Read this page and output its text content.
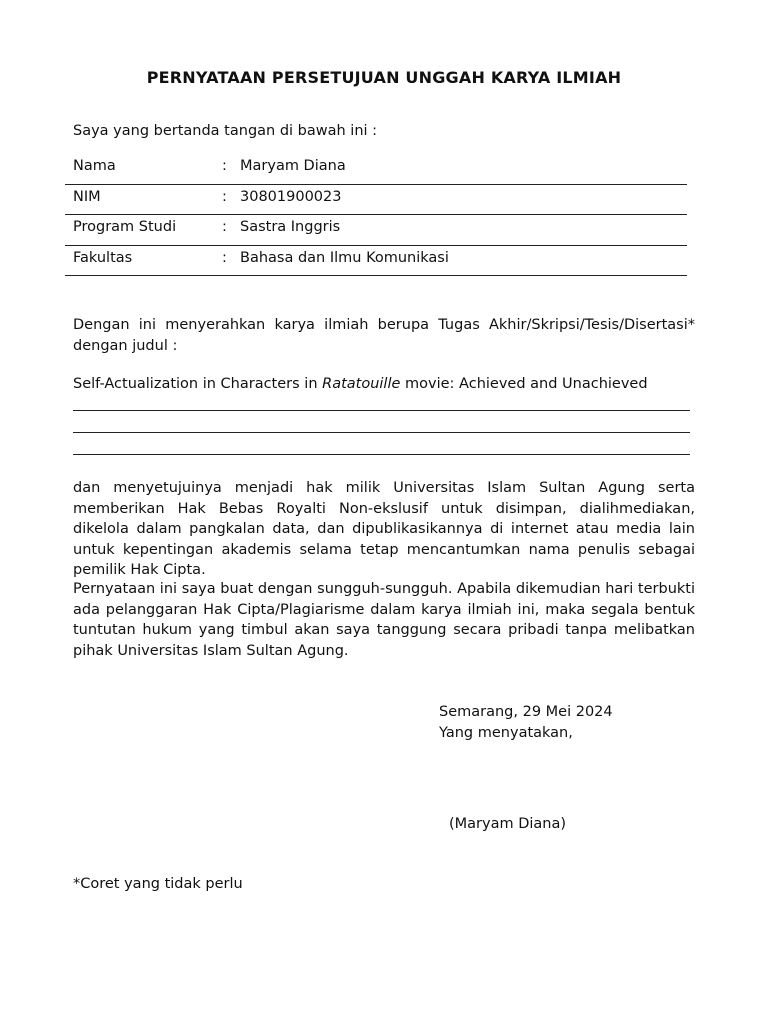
PERNYATAAN PERSETUJUAN UNGGAH KARYA ILMIAH
Saya yang bertanda tangan di bawah ini :
Nama	: Maryam Diana
NIM	: 30801900023
Program Studi	: Sastra Inggris
Fakultas	: Bahasa dan Ilmu Komunikasi
Dengan ini menyerahkan karya ilmiah berupa Tugas Akhir/Skripsi/Tesis/Disertasi* dengan judul :
Self-Actualization in Characters in Ratatouille movie: Achieved and Unachieved
dan menyetujuinya menjadi hak milik Universitas Islam Sultan Agung serta memberikan Hak Bebas Royalti Non-ekslusif untuk disimpan, dialihmediakan, dikelola dalam pangkalan data, dan dipublikasikannya di internet atau media lain untuk kepentingan akademis selama tetap mencantumkan nama penulis sebagai pemilik Hak Cipta.
Pernyataan ini saya buat dengan sungguh-sungguh. Apabila dikemudian hari terbukti ada pelanggaran Hak Cipta/Plagiarisme dalam karya ilmiah ini, maka segala bentuk tuntutan hukum yang timbul akan saya tanggung secara pribadi tanpa melibatkan pihak Universitas Islam Sultan Agung.
Semarang, 29 Mei 2024
Yang menyatakan,
(Maryam Diana)
*Coret yang tidak perlu
